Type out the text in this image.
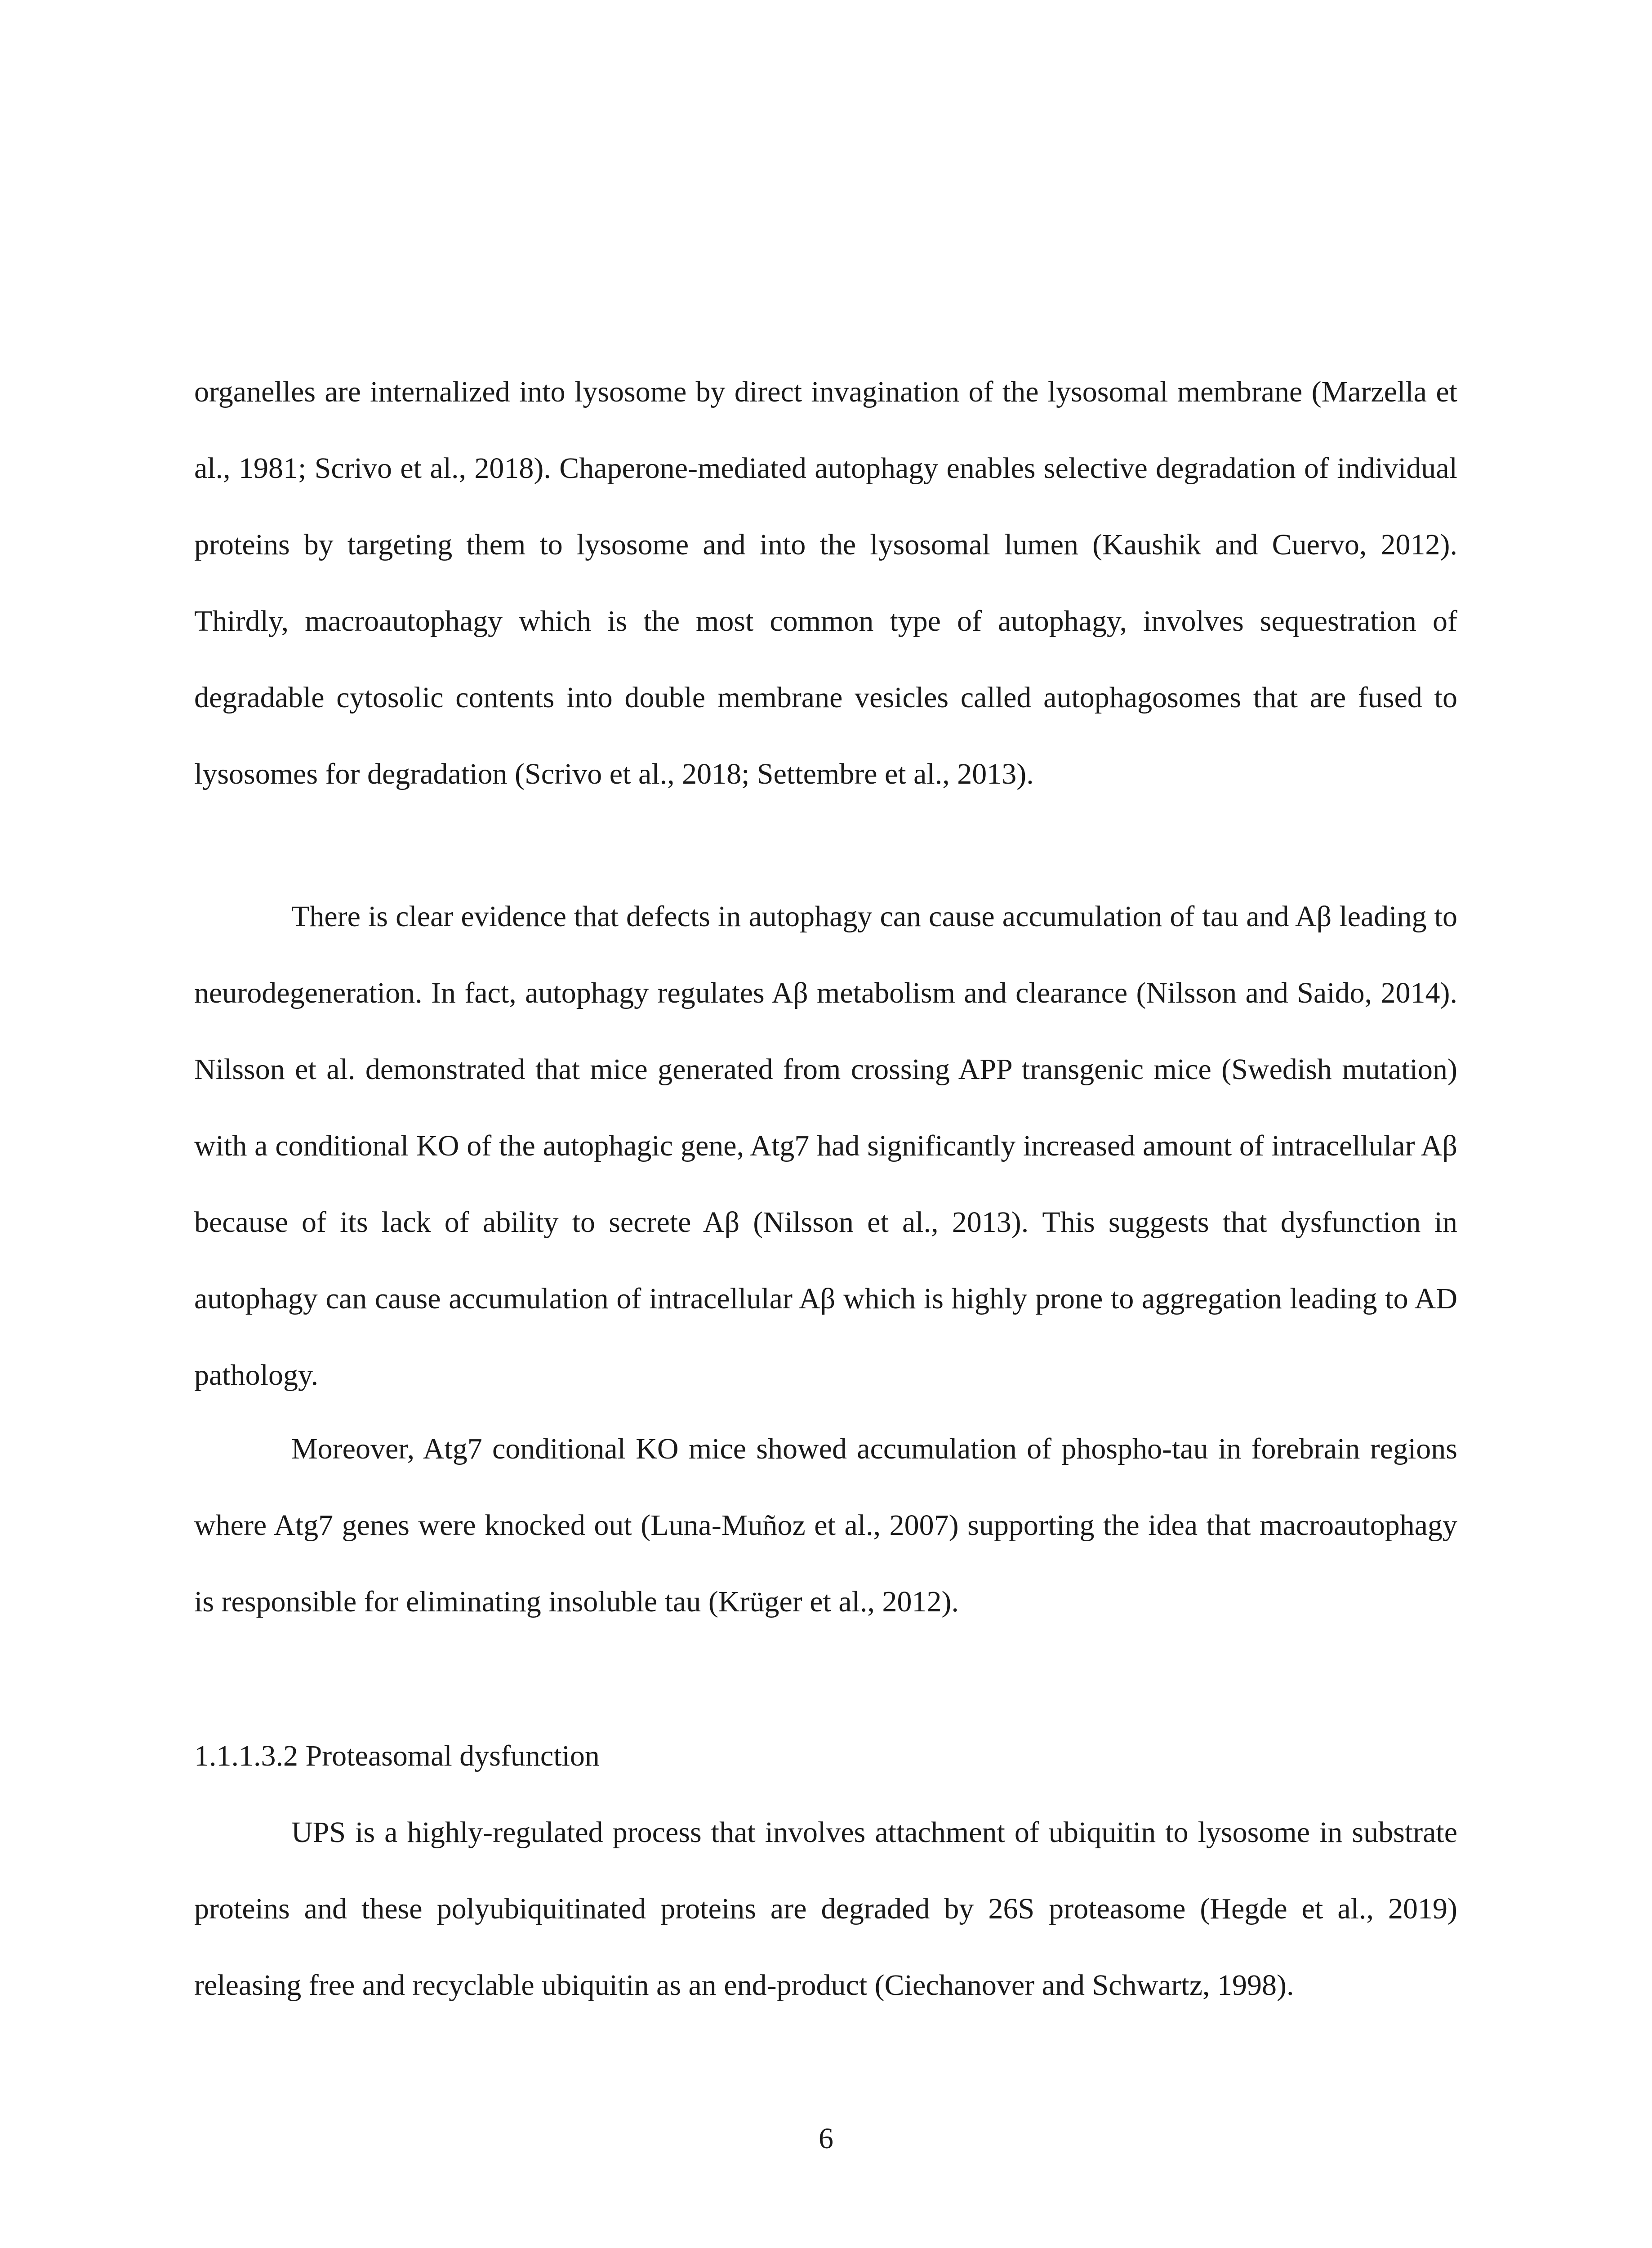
organelles are internalized into lysosome by direct invagination of the lysosomal membrane (Marzella et al., 1981; Scrivo et al., 2018). Chaperone-mediated autophagy enables selective degradation of individual proteins by targeting them to lysosome and into the lysosomal lumen (Kaushik and Cuervo, 2012). Thirdly, macroautophagy which is the most common type of autophagy, involves sequestration of degradable cytosolic contents into double membrane vesicles called autophagosomes that are fused to lysosomes for degradation (Scrivo et al., 2018; Settembre et al., 2013).

There is clear evidence that defects in autophagy can cause accumulation of tau and Aβ leading to neurodegeneration. In fact, autophagy regulates Aβ metabolism and clearance (Nilsson and Saido, 2014). Nilsson et al. demonstrated that mice generated from crossing APP transgenic mice (Swedish mutation) with a conditional KO of the autophagic gene, Atg7 had significantly increased amount of intracellular Aβ because of its lack of ability to secrete Aβ (Nilsson et al., 2013). This suggests that dysfunction in autophagy can cause accumulation of intracellular Aβ which is highly prone to aggregation leading to AD pathology.

Moreover, Atg7 conditional KO mice showed accumulation of phospho-tau in forebrain regions where Atg7 genes were knocked out (Luna-Muñoz et al., 2007) supporting the idea that macroautophagy is responsible for eliminating insoluble tau (Krüger et al., 2012).

1.1.1.3.2 Proteasomal dysfunction

UPS is a highly-regulated process that involves attachment of ubiquitin to lysosome in substrate proteins and these polyubiquitinated proteins are degraded by 26S proteasome (Hegde et al., 2019) releasing free and recyclable ubiquitin as an end-product (Ciechanover and Schwartz, 1998).

6
